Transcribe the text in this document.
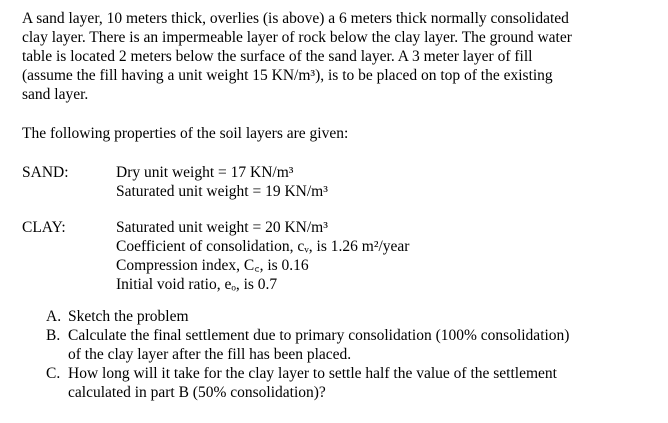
A sand layer, 10 meters thick, overlies (is above) a 6 meters thick normally consolidated
clay layer. There is an impermeable layer of rock below the clay layer. The ground water
table is located 2 meters below the surface of the sand layer. A 3 meter layer of fill
(assume the fill having a unit weight 15 KN/m³), is to be placed on top of the existing
sand layer.
The following properties of the soil layers are given:
SAND:	Dry unit weight = 17 KN/m³
Saturated unit weight = 19 KN/m³
CLAY:	Saturated unit weight = 20 KN/m³
Coefficient of consolidation, cᵥ, is 1.26 m²/year
Compression index, C꜀, is 0.16
Initial void ratio, eₒ, is 0.7
A. Sketch the problem
B. Calculate the final settlement due to primary consolidation (100% consolidation)
of the clay layer after the fill has been placed.
C. How long will it take for the clay layer to settle half the value of the settlement
calculated in part B (50% consolidation)?
